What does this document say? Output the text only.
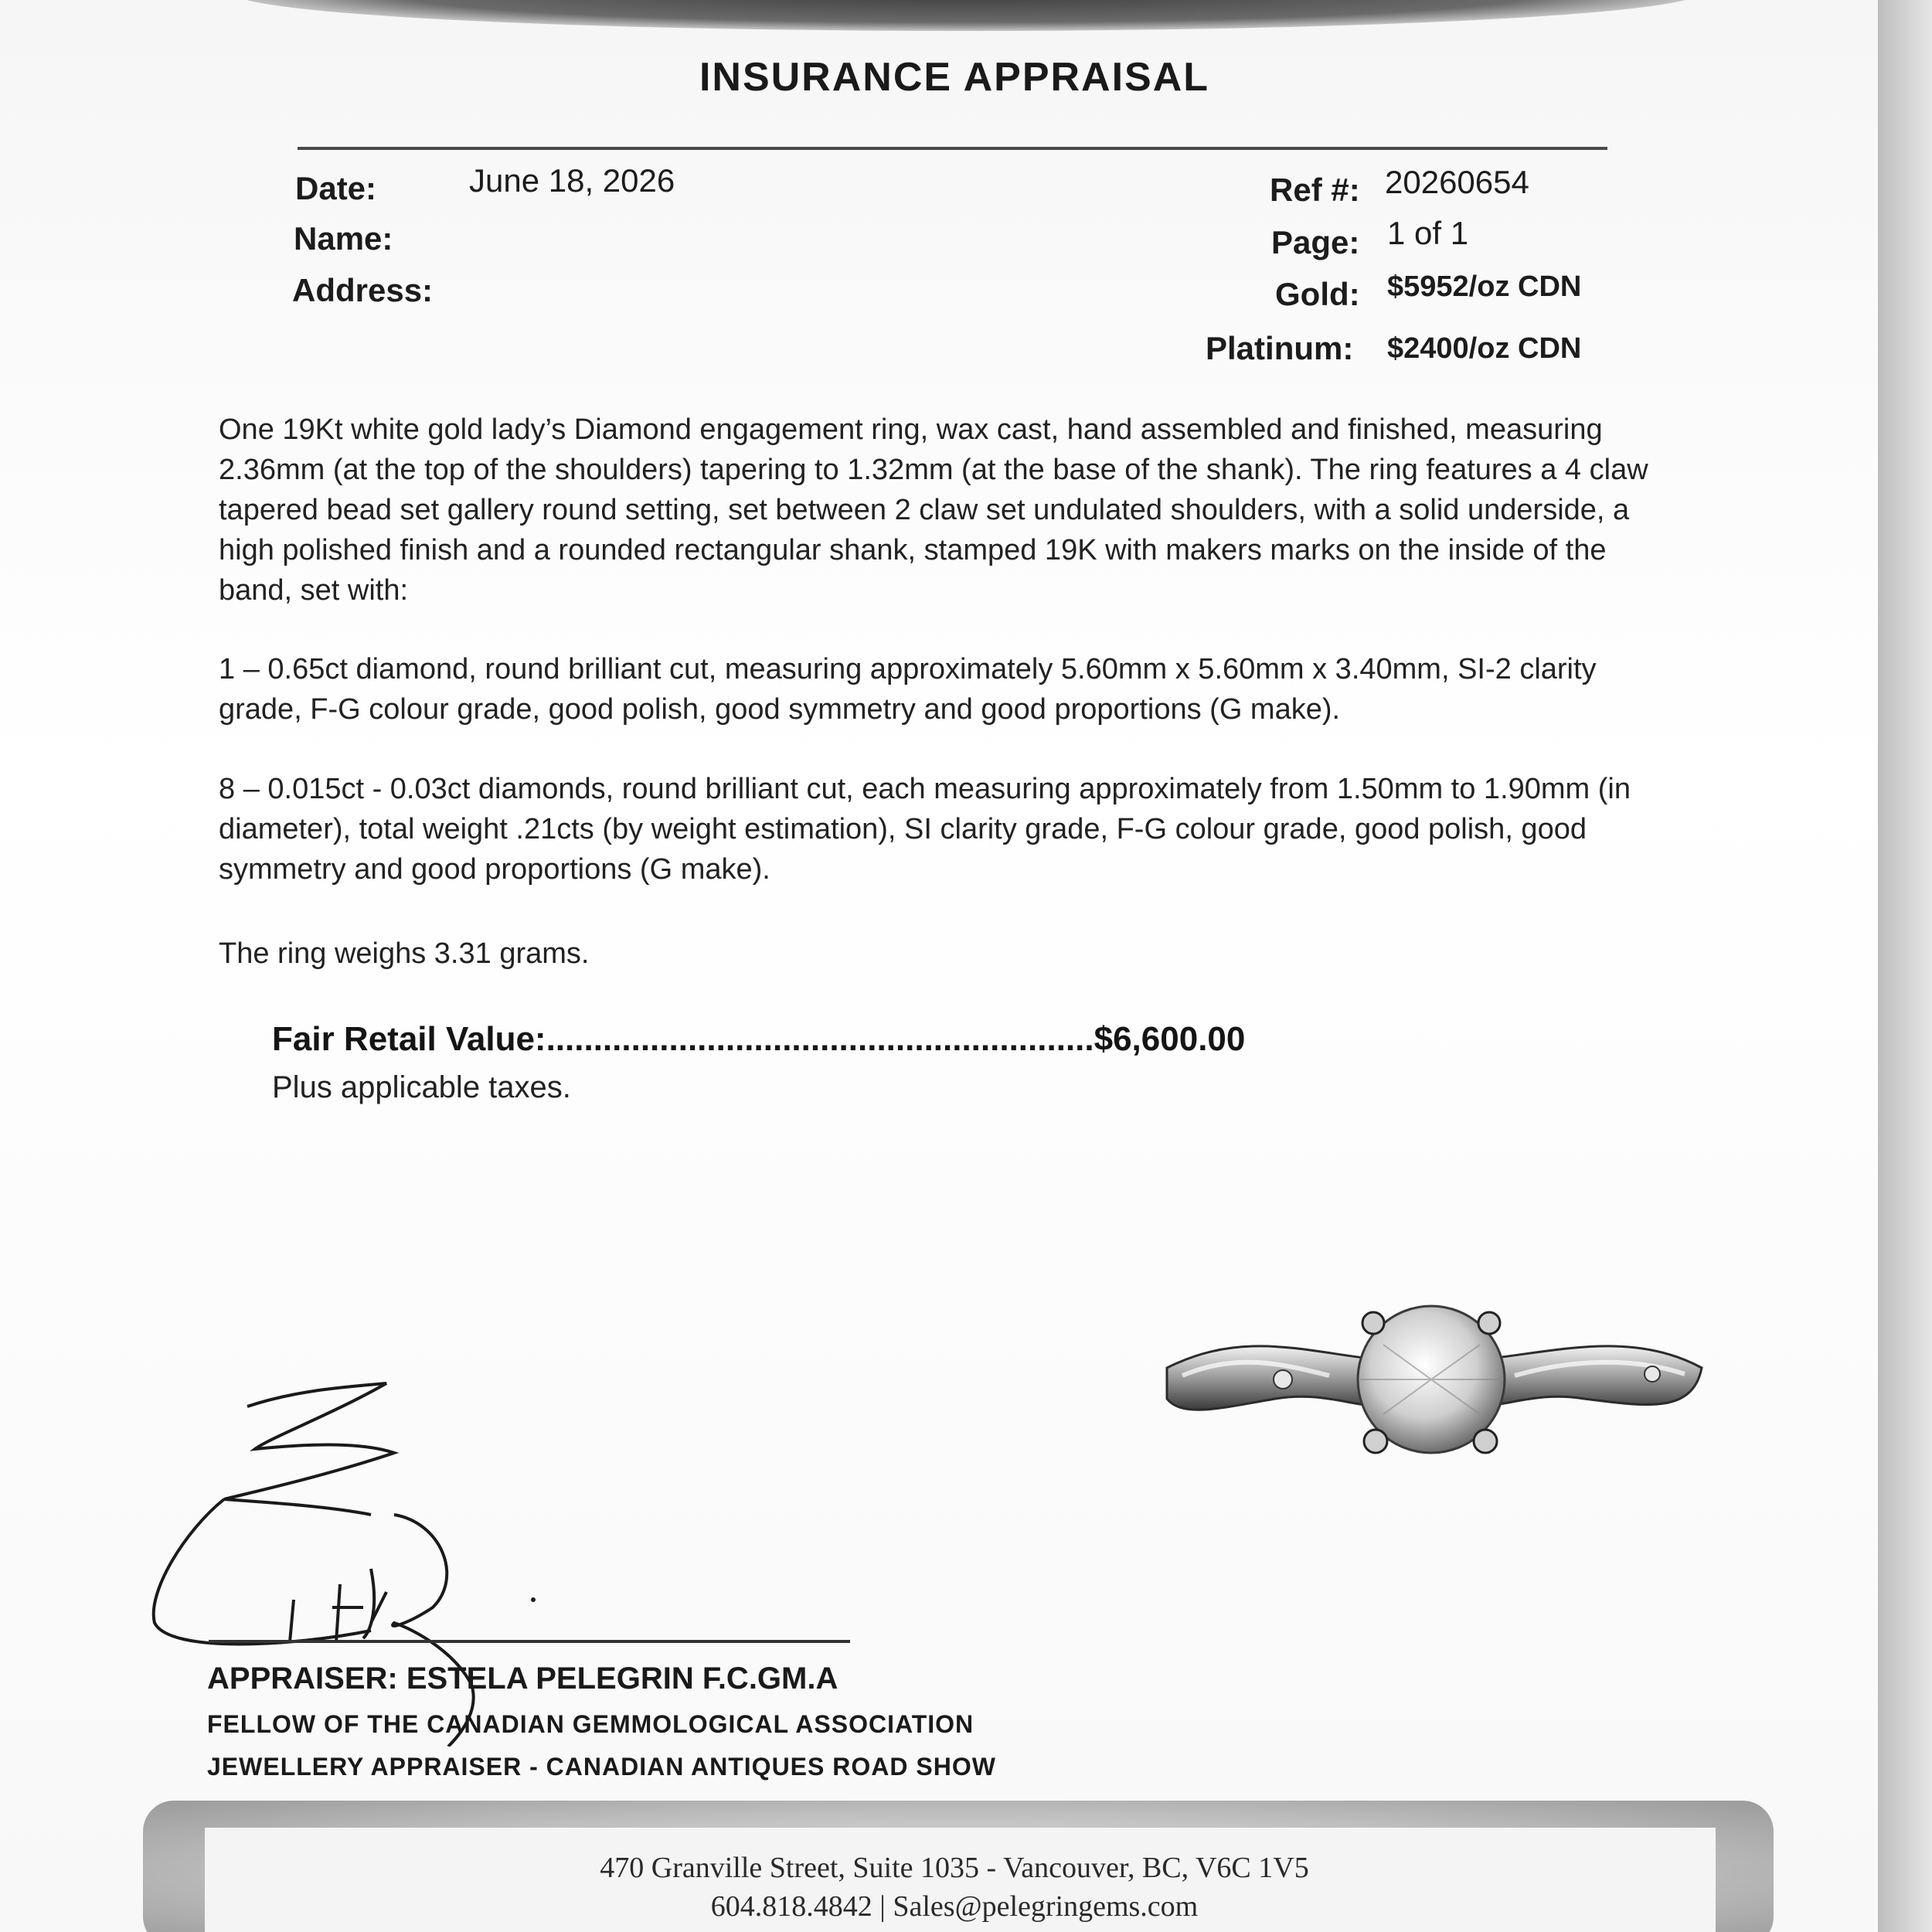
INSURANCE APPRAISAL
Date:	June 18, 2026
Name:
Address:
Ref #: 20260654
Page: 1 of 1
Gold: $5952/oz CDN
Platinum: $2400/oz CDN

One 19Kt white gold lady’s Diamond engagement ring, wax cast, hand assembled and finished, measuring 2.36mm (at the top of the shoulders) tapering to 1.32mm (at the base of the shank). The ring features a 4 claw tapered bead set gallery round setting, set between 2 claw set undulated shoulders, with a solid underside, a high polished finish and a rounded rectangular shank, stamped 19K with makers marks on the inside of the band, set with:

1 – 0.65ct diamond, round brilliant cut, measuring approximately 5.60mm x 5.60mm x 3.40mm, SI-2 clarity grade, F-G colour grade, good polish, good symmetry and good proportions (G make).

8 – 0.015ct - 0.03ct diamonds, round brilliant cut, each measuring approximately from 1.50mm to 1.90mm (in diameter), total weight .21cts (by weight estimation), SI clarity grade, F-G colour grade, good polish, good symmetry and good proportions (G make).

The ring weighs 3.31 grams.

Fair Retail Value:..........................................................$6,600.00
Plus applicable taxes.
APPRAISER: ESTELA PELEGRIN F.C.GM.A
FELLOW OF THE CANADIAN GEMMOLOGICAL ASSOCIATION
JEWELLERY APPRAISER - CANADIAN ANTIQUES ROAD SHOW
470 Granville Street, Suite 1035 - Vancouver, BC, V6C 1V5
604.818.4842 | Sales@pelegringems.com
